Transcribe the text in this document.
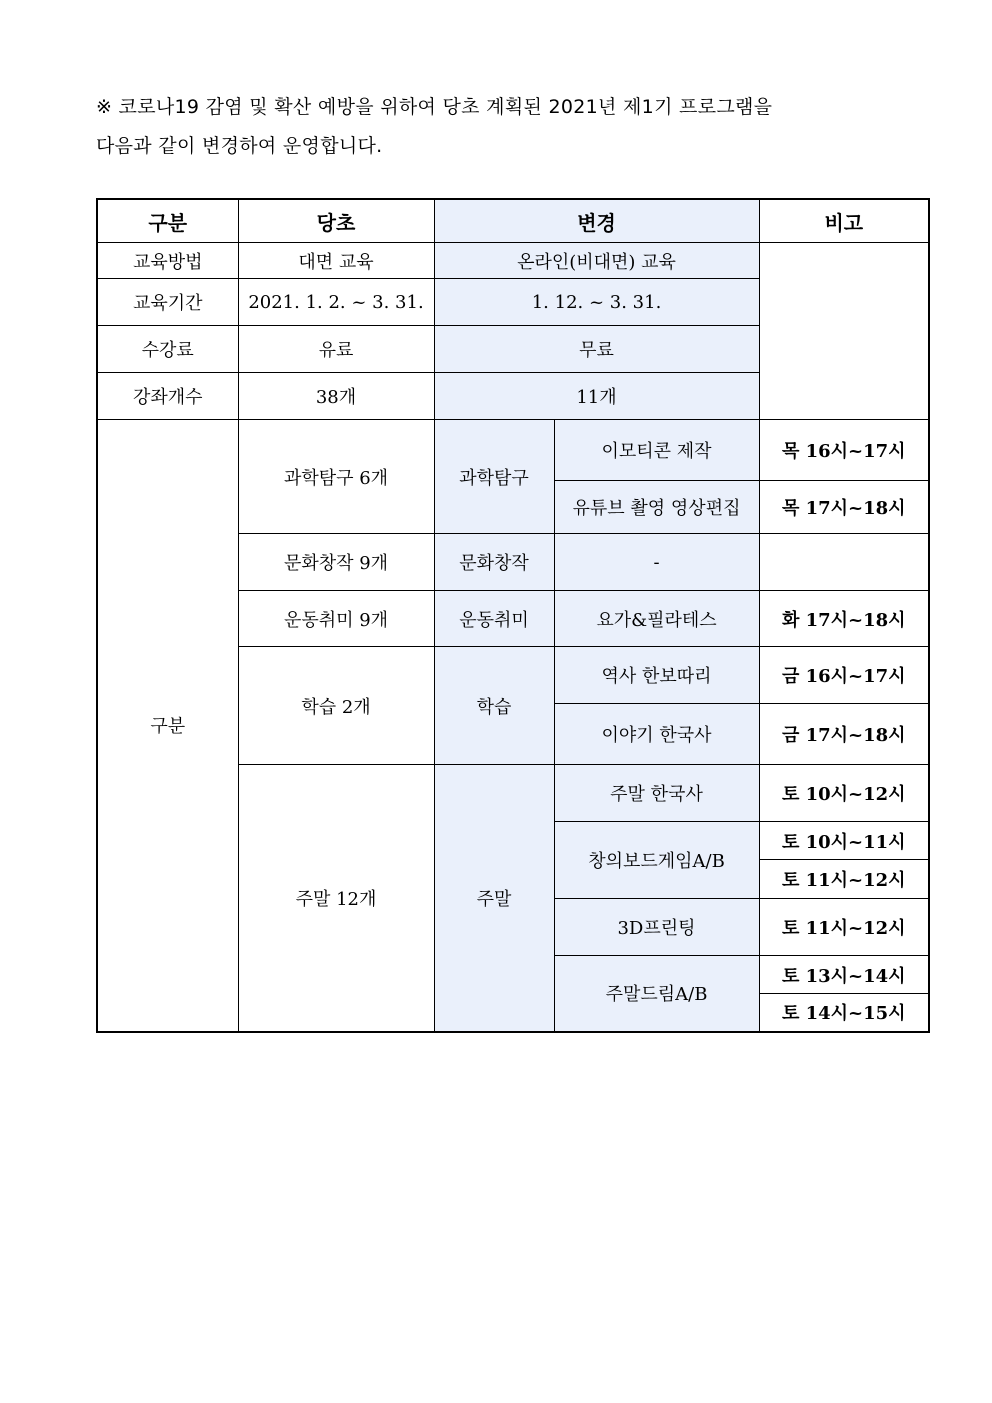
※ 코로나19 감염 및 확산 예방을 위하여 당초 계획된 2021년 제1기 프로그램을
다음과 같이 변경하여 운영합니다.
구분	당초	변경		비고
교육방법	대면 교육	온라인(비대면) 교육		
교육기간	2021. 1. 2. ~ 3. 31.	1. 12. ~ 3. 31.		
수강료	유료	무료		
강좌개수	38개	11개		
구분	과학탐구 6개	과학탐구	이모티콘 제작	목 16시~17시
			유튜브 촬영 영상편집	목 17시~18시
	문화창작 9개	문화창작	-	
	운동취미 9개	운동취미	요가&필라테스	화 17시~18시
	학습 2개	학습	역사 한보따리	금 16시~17시
			이야기 한국사	금 17시~18시
	주말 12개	주말	주말 한국사	토 10시~12시
			창의보드게임A/B	토 10시~11시
				토 11시~12시
			3D프린팅	토 11시~12시
			주말드림A/B	토 13시~14시
				토 14시~15시
